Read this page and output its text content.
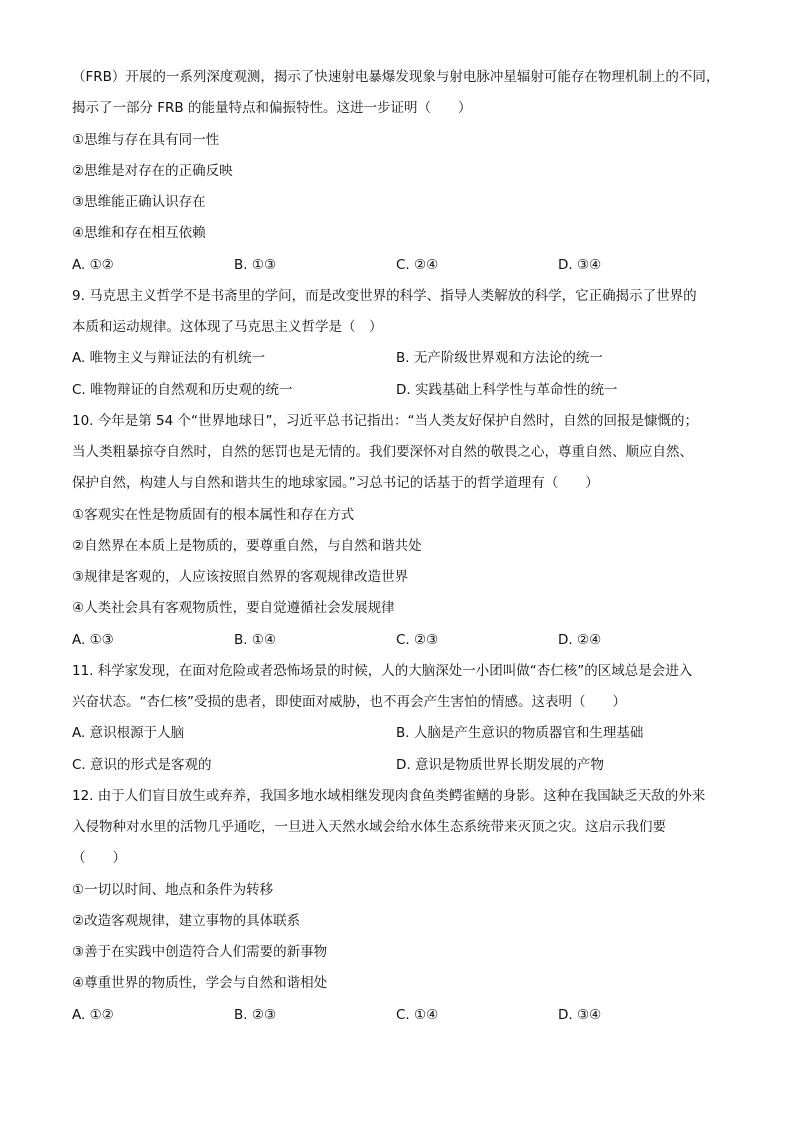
（FRB）开展的一系列深度观测，揭示了快速射电暴爆发现象与射电脉冲星辐射可能存在物理机制上的不同，
揭示了一部分 FRB 的能量特点和偏振特性。这进一步证明（　　）
①思维与存在具有同一性
②思维是对存在的正确反映
③思维能正确认识存在
④思维和存在相互依赖
A. ①②	B. ①③	C. ②④	D. ③④
9. 马克思主义哲学不是书斋里的学问，而是改变世界的科学、指导人类解放的科学，它正确揭示了世界的
本质和运动规律。这体现了马克思主义哲学是（　）
A. 唯物主义与辩证法的有机统一	B. 无产阶级世界观和方法论的统一
C. 唯物辩证的自然观和历史观的统一	D. 实践基础上科学性与革命性的统一
10. 今年是第 54 个“世界地球日”，习近平总书记指出：“当人类友好保护自然时，自然的回报是慷慨的；
当人类粗暴掠夺自然时，自然的惩罚也是无情的。我们要深怀对自然的敬畏之心，尊重自然、顺应自然、
保护自然，构建人与自然和谐共生的地球家园。”习总书记的话基于的哲学道理有（　　）
①客观实在性是物质固有的根本属性和存在方式
②自然界在本质上是物质的，要尊重自然，与自然和谐共处
③规律是客观的，人应该按照自然界的客观规律改造世界
④人类社会具有客观物质性，要自觉遵循社会发展规律
A. ①③	B. ①④	C. ②③	D. ②④
11. 科学家发现，在面对危险或者恐怖场景的时候，人的大脑深处一小团叫做“杏仁核”的区域总是会进入
兴奋状态。“杏仁核”受损的患者，即使面对威胁，也不再会产生害怕的情感。这表明（　　）
A. 意识根源于人脑	B. 人脑是产生意识的物质器官和生理基础
C. 意识的形式是客观的	D. 意识是物质世界长期发展的产物
12. 由于人们盲目放生或弃养，我国多地水域相继发现肉食鱼类鳄雀鳝的身影。这种在我国缺乏天敌的外来
入侵物种对水里的活物几乎通吃，一旦进入天然水域会给水体生态系统带来灭顶之灾。这启示我们要
（　　）
①一切以时间、地点和条件为转移
②改造客观规律，建立事物的具体联系
③善于在实践中创造符合人们需要的新事物
④尊重世界的物质性，学会与自然和谐相处
A. ①②	B. ②③	C. ①④	D. ③④
